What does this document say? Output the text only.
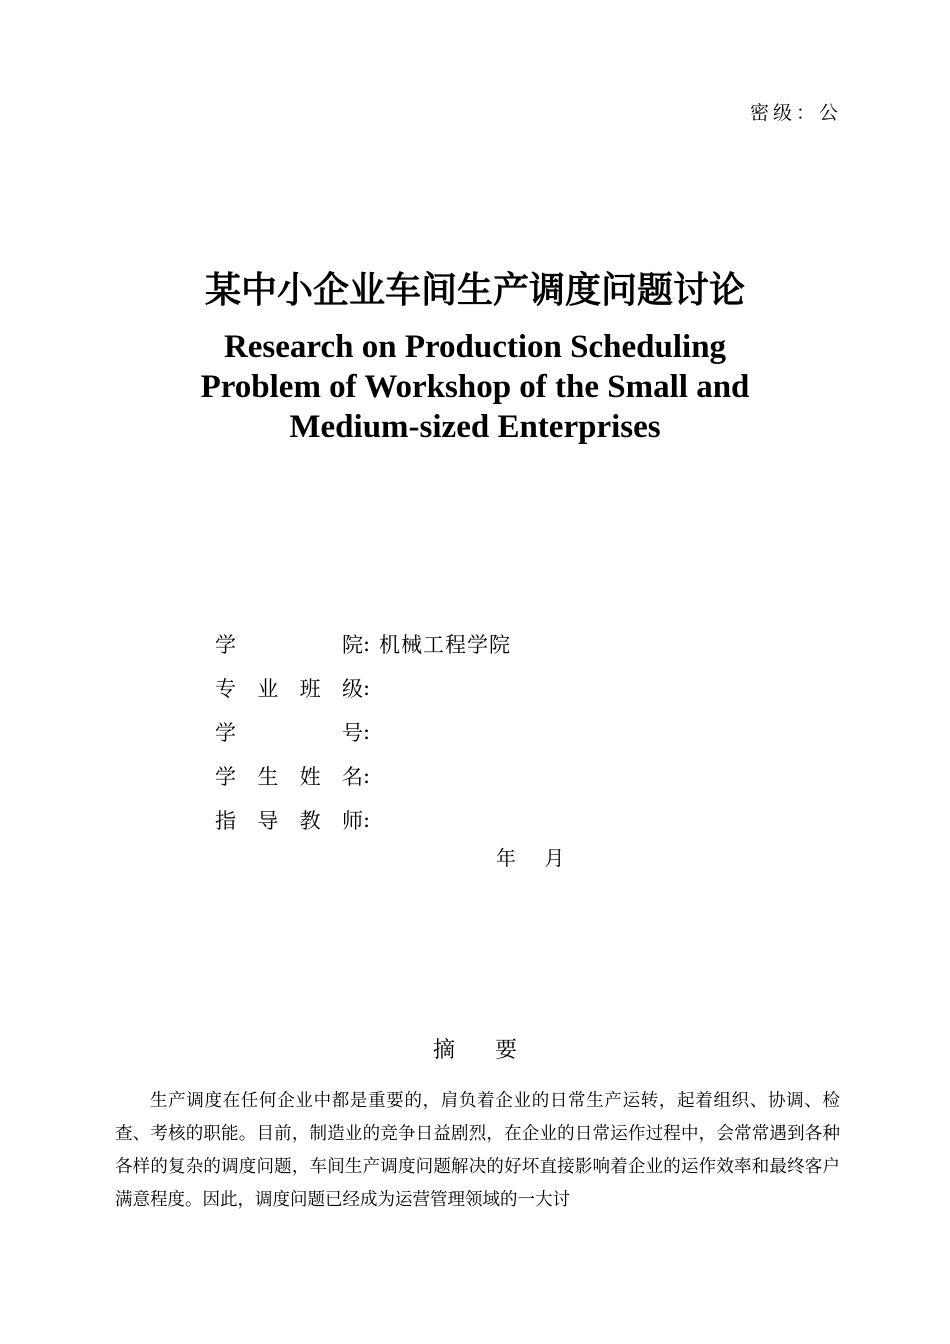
密级：公
某中小企业车间生产调度问题讨论
Research on Production Scheduling
Problem of Workshop of the Small and
Medium-sized Enterprises
学	院 : 机械工程学院
专 业 班 级 :
学	号 :
学 生 姓 名 :
指 导 教 师 :
年 月
摘要
生产调度在任何企业中都是重要的，肩负着企业的日常生产运转，起着组织、协调、检查、考核的职能。目前，制造业的竞争日益剧烈，在企业的日常运作过程中，会常常遇到各种各样的复杂的调度问题，车间生产调度问题解决的好坏直接影响着企业的运作效率和最终客户满意程度。因此，调度问题已经成为运营管理领域的一大讨
